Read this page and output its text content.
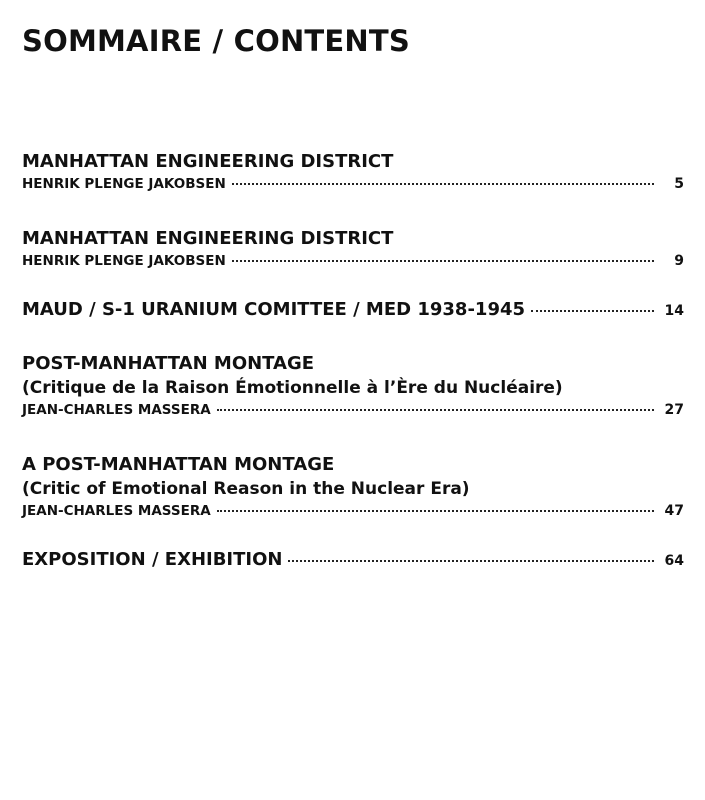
SOMMAIRE / CONTENTS
MANHATTAN ENGINEERING DISTRICT
HENRIK PLENGE JAKOBSEN	5
MANHATTAN ENGINEERING DISTRICT
HENRIK PLENGE JAKOBSEN	9
MAUD / S-1 URANIUM COMITTEE / MED 1938-1945	14
POST-MANHATTAN MONTAGE
(Critique de la Raison Émotionnelle à l’Ère du Nucléaire)
JEAN-CHARLES MASSERA	27
A POST-MANHATTAN MONTAGE
(Critic of Emotional Reason in the Nuclear Era)
JEAN-CHARLES MASSERA	47
EXPOSITION / EXHIBITION	64
